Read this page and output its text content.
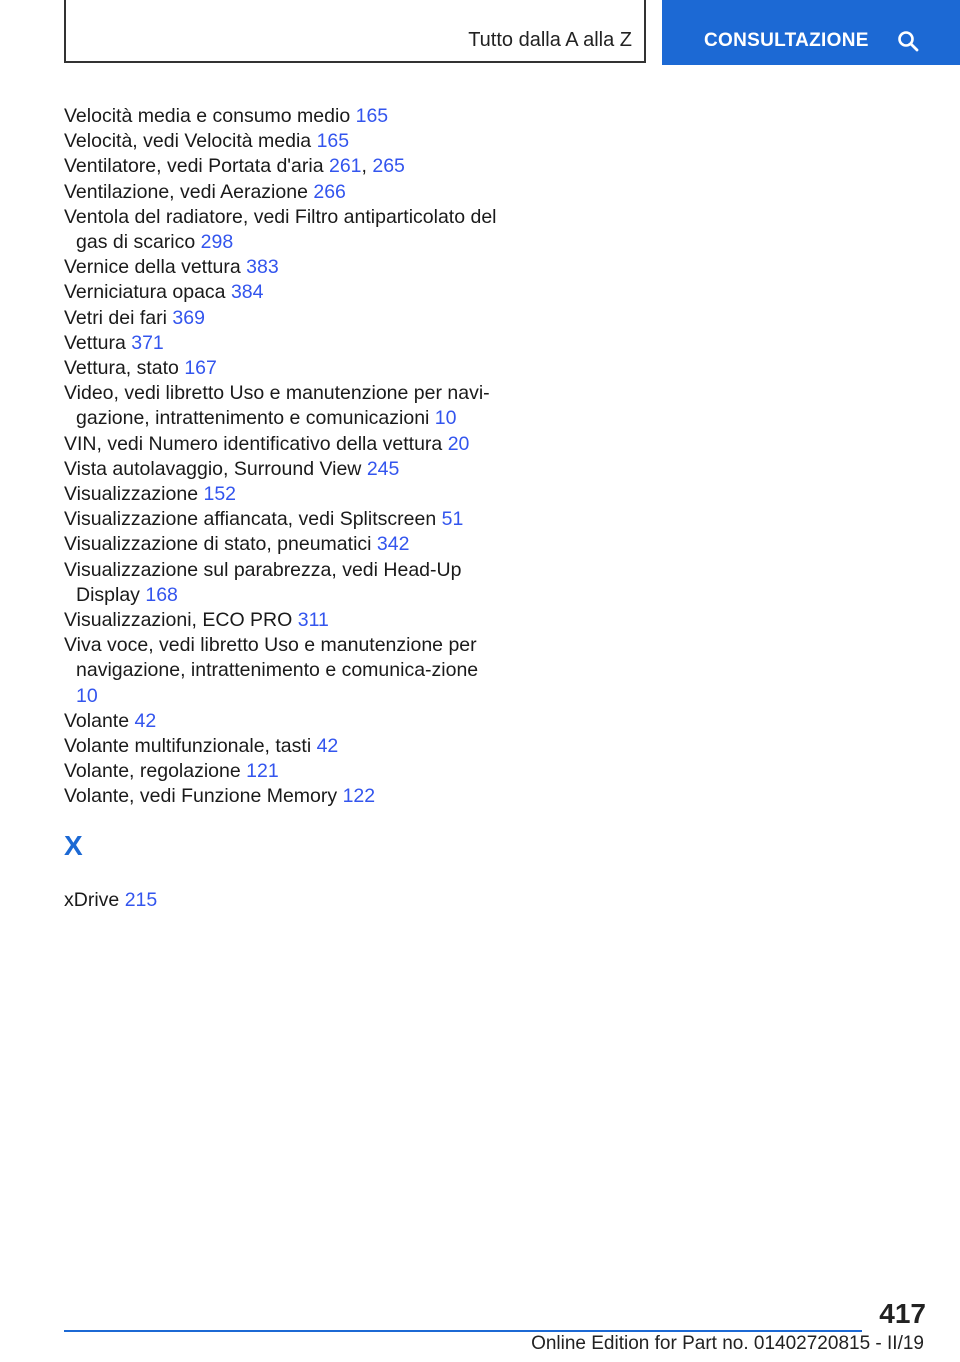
Tutto dalla A alla Z	CONSULTAZIONE
Velocità media e consumo medio 165
Velocità, vedi Velocità media 165
Ventilatore, vedi Portata d'aria 261, 265
Ventilazione, vedi Aerazione 266
Ventola del radiatore, vedi Filtro antiparticolato del gas di scarico 298
Vernice della vettura 383
Verniciatura opaca 384
Vetri dei fari 369
Vettura 371
Vettura, stato 167
Video, vedi libretto Uso e manutenzione per navi-gazione, intrattenimento e comunicazioni 10
VIN, vedi Numero identificativo della vettura 20
Vista autolavaggio, Surround View 245
Visualizzazione 152
Visualizzazione affiancata, vedi Splitscreen 51
Visualizzazione di stato, pneumatici 342
Visualizzazione sul parabrezza, vedi Head-Up Display 168
Visualizzazioni, ECO PRO 311
Viva voce, vedi libretto Uso e manutenzione per navigazione, intrattenimento e comunica-zione 10
Volante 42
Volante multifunzionale, tasti 42
Volante, regolazione 121
Volante, vedi Funzione Memory 122
X
xDrive 215
417
Online Edition for Part no. 01402720815 - II/19
